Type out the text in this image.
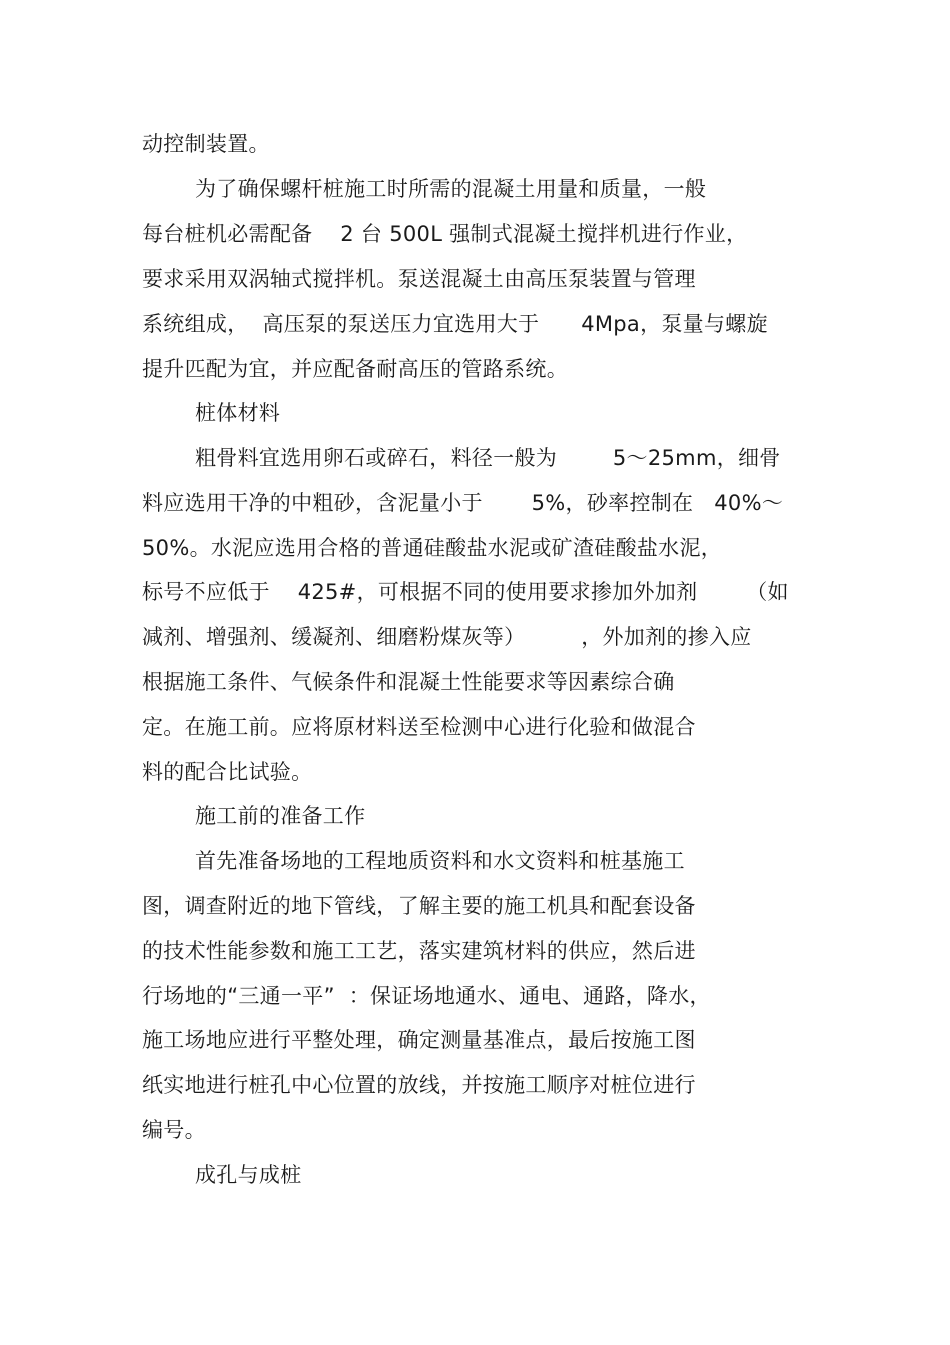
动控制装置。
为了确保螺杆桩施工时所需的混凝土用量和质量，一般
每台桩机必需配备    2 台 500L 强制式混凝土搅拌机进行作业，
要求采用双涡轴式搅拌机。泵送混凝土由高压泵装置与管理
系统组成，  高压泵的泵送压力宜选用大于      4Mpa，泵量与螺旋
提升匹配为宜，并应配备耐高压的管路系统。
桩体材料
粗骨料宜选用卵石或碎石，料径一般为        5～25mm，细骨
料应选用干净的中粗砂，含泥量小于       5%，砂率控制在   40%～
50%。水泥应选用合格的普通硅酸盐水泥或矿渣硅酸盐水泥，
标号不应低于    425#，可根据不同的使用要求掺加外加剂       （如
减剂、增强剂、缓凝剂、细磨粉煤灰等）        ，外加剂的掺入应
根据施工条件、气候条件和混凝土性能要求等因素综合确
定。在施工前。应将原材料送至检测中心进行化验和做混合
料的配合比试验。
施工前的准备工作
首先准备场地的工程地质资料和水文资料和桩基施工
图，调查附近的地下管线，了解主要的施工机具和配套设备
的技术性能参数和施工工艺，落实建筑材料的供应，然后进
行场地的“三通一平”  ：保证场地通水、通电、通路，降水，
施工场地应进行平整处理，确定测量基准点，最后按施工图
纸实地进行桩孔中心位置的放线，并按施工顺序对桩位进行
编号。
成孔与成桩
